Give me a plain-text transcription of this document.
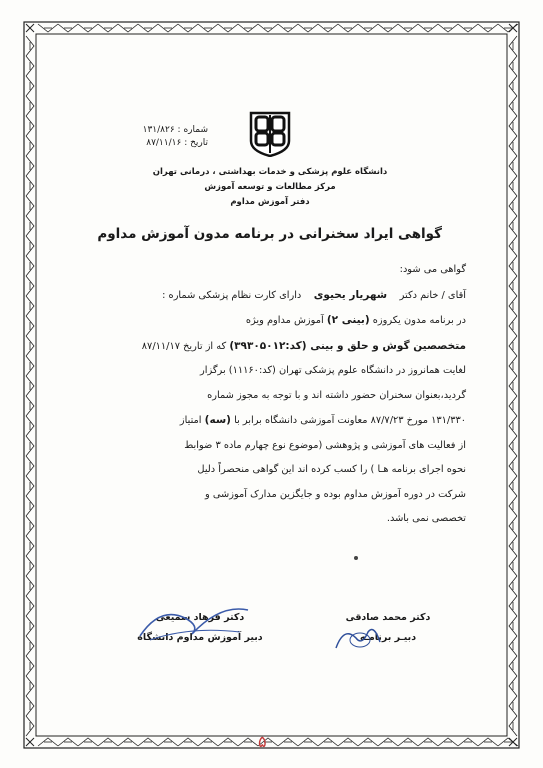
شماره : ۱۳۱/۸۲۶
تاریخ : ۸۷/۱۱/۱۶
دانشگاه علوم پزشکی و خدمات بهداشتی ، درمانی تهران
مرکز مطالعات و توسعه آموزش
دفتر آموزش مداوم
گواهی ایراد سخنرانی در برنامه مدون آموزش مداوم

گواهی می شود:

آقای / خانم دکتر    شهریار یحیوی    دارای کارت نظام پزشکی شماره :

در برنامه مدون یکروزه (بینی ۲) آموزش مداوم ویژه

متخصصین گوش و حلق و بینی (کد:۳۹۳۰۵۰۱۲) که از تاریخ ۸۷/۱۱/۱۷

لغایت همانروز در دانشگاه علوم پزشکی تهران (کد:۱۱۱۶۰) برگزار

گردید،بعنوان سخنران حضور داشته اند و با توجه به مجوز شماره

۱۳۱/۳۳۰ مورخ ۸۷/۷/۲۳ معاونت آموزشی دانشگاه برابر با (سه) امتیاز

از فعالیت های آموزشی و پژوهشی (موضوع نوع چهارم ماده ۳ ضوابط

نحوه اجرای برنامه هـا ) را کسب کرده اند این گواهی منحصراً دلیل

شرکت در دوره آموزش مداوم بوده و جایگزین مدارک آموزشی و

تخصصی نمی باشد.

دکتر فرهاد سمیعی
دبیر آموزش مداوم دانشگاه
دکتر محمد صادقی
دبیـر برنامـه
۵
